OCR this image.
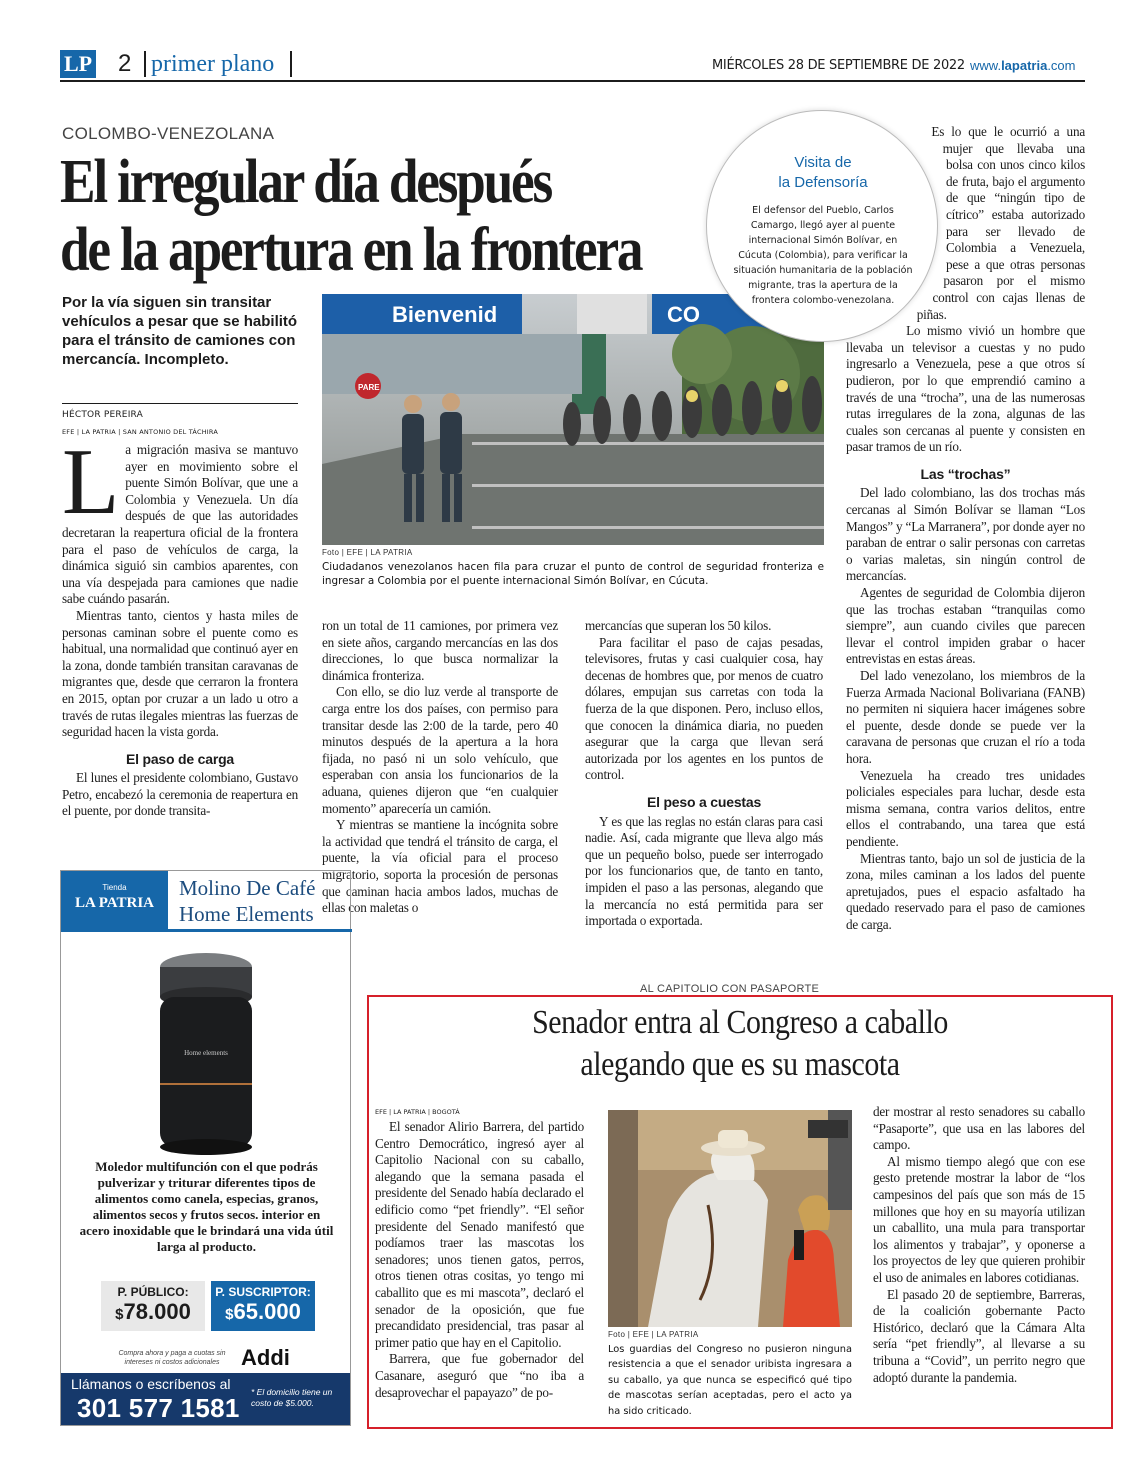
LP 2 primer plano	MIÉRCOLES 28 DE SEPTIEMBRE DE 2022 www.lapatria.com
COLOMBO-VENEZOLANA
El irregular día después
de la apertura en la frontera
Por la vía siguen sin transitar vehículos a pesar que se habilitó para el tránsito de camiones con mercancía. Incompleto.
HÉCTOR PEREIRA
EFE | LA PATRIA | SAN ANTONIO DEL TÁCHIRA
L a migración masiva se mantuvo ayer en movimiento sobre el puente Simón Bolívar, que une a Colombia y Venezuela. Un día después de que las autoridades decretaran la reapertura oficial de la frontera para el paso de vehículos de carga, la dinámica siguió sin cambios aparentes, con una vía despejada para camiones que nadie sabe cuándo pasarán.

Mientras tanto, cientos y hasta miles de personas caminan sobre el puente como es habitual, una normalidad que continuó ayer en la zona, donde también transitan caravanas de migrantes que, desde que cerraron la frontera en 2015, optan por cruzar a un lado u otro a través de rutas ilegales mientras las fuerzas de seguridad hacen la vista gorda.

El paso de carga

El lunes el presidente colombiano, Gustavo Petro, encabezó la ceremonia de reapertura en el puente, por donde transita-

Bienvenid	CO
PARE
Foto | EFE | LA PATRIA
Ciudadanos venezolanos hacen fila para cruzar el punto de control de seguridad fronteriza e ingresar a Colombia por el puente internacional Simón Bolívar, en Cúcuta.

ron un total de 11 camiones, por primera vez en siete años, cargando mercancías en las dos direcciones, lo que busca normalizar la dinámica fronteriza.

Con ello, se dio luz verde al transporte de carga entre los dos países, con permiso para transitar desde las 2:00 de la tarde, pero 40 minutos después de la apertura a la hora fijada, no pasó ni un solo vehículo, que esperaban con ansia los funcionarios de la aduana, quienes dijeron que “en cualquier momento” aparecería un camión.

Y mientras se mantiene la incógnita sobre la actividad que tendrá el tránsito de carga, el puente, la vía oficial para el proceso migratorio, soporta la procesión de personas que caminan hacia ambos lados, muchas de ellas con maletas o

mercancías que superan los 50 kilos.

Para facilitar el paso de cajas pesadas, televisores, frutas y casi cualquier cosa, hay decenas de hombres que, por menos de cuatro dólares, empujan sus carretas con toda la fuerza de la que disponen. Pero, incluso ellos, que conocen la dinámica diaria, no pueden asegurar que la carga que llevan será autorizada por los agentes en los puntos de control.

El peso a cuestas

Y es que las reglas no están claras para casi nadie. Así, cada migrante que lleva algo más que un pequeño bolso, puede ser interrogado por los funcionarios que, de tanto en tanto, impiden el paso a las personas, alegando que la mercancía no está permitida para ser importada o exportada.

Visita de
la Defensoría
El defensor del Pueblo, Carlos Camargo, llegó ayer al puente internacional Simón Bolívar, en Cúcuta (Colombia), para verificar la situación humanitaria de la población migrante, tras la apertura de la frontera colombo-venezolana.

Es lo que le ocurrió a una mujer que llevaba una bolsa con unos cinco kilos de fruta, bajo el argumento de que “ningún tipo de cítrico” estaba autorizado para ser llevado de Colombia a Venezuela, pese a que otras personas pasaron por el mismo control con cajas llenas de piñas.

Lo mismo vivió un hombre que llevaba un televisor a cuestas y no pudo ingresarlo a Venezuela, pese a que otros sí pudieron, por lo que emprendió camino a través de una “trocha”, una de las numerosas rutas irregulares de la zona, algunas de las cuales son cercanas al puente y consisten en pasar tramos de un río.

Las “trochas”

Del lado colombiano, las dos trochas más cercanas al Simón Bolívar se llaman “Los Mangos” y “La Marranera”, por donde ayer no paraban de entrar o salir personas con carretas o varias maletas, sin ningún control de mercancías.

Agentes de seguridad de Colombia dijeron que las trochas estaban “tranquilas como siempre”, aun cuando civiles que parecen llevar el control impiden grabar o hacer entrevistas en estas áreas.

Del lado venezolano, los miembros de la Fuerza Armada Nacional Bolivariana (FANB) no permiten ni siquiera hacer imágenes sobre el puente, desde donde se puede ver la caravana de personas que cruzan el río a toda hora.

Venezuela ha creado tres unidades policiales especiales para luchar, desde esta misma semana, contra varios delitos, entre ellos el contrabando, una tarea que está pendiente.

Mientras tanto, bajo un sol de justicia de la zona, miles caminan a los lados del puente apretujados, pues el espacio asfaltado ha quedado reservado para el paso de camiones de carga.

Tienda
LA PATRIA
Molino De Café
Home Elements
Home elements
Moledor multifunción con el que podrás pulverizar y triturar diferentes tipos de alimentos como canela, especias, granos, alimentos secos y frutos secos. interior en acero inoxidable que le brindará una vida útil larga al producto.
P. PÚBLICO:
$78.000
P. SUSCRIPTOR:
$65.000
Compra ahora y paga a cuotas sin intereses ni costos adicionales Addi
Llámanos o escríbenos al
301 577 1581
* El domicilio tiene un costo de $5.000.
AL CAPITOLIO CON PASAPORTE
Senador entra al Congreso a caballo
alegando que es su mascota
EFE | LA PATRIA | BOGOTÁ

El senador Alirio Barrera, del partido Centro Democrático, ingresó ayer al Capitolio Nacional con su caballo, alegando que la semana pasada el presidente del Senado había declarado el edificio como “pet friendly”. “El señor presidente del Senado manifestó que podíamos traer las mascotas los senadores; unos tienen gatos, perros, otros tienen otras cositas, yo tengo mi caballito que es mi mascota”, declaró el senador de la oposición, que fue precandidato presidencial, tras pasar al primer patio que hay en el Capitolio.

Barrera, que fue gobernador del Casanare, aseguró que “no iba a desaprovechar el papayazo” de po-

Foto | EFE | LA PATRIA
Los guardias del Congreso no pusieron ninguna resistencia a que el senador uribista ingresara a su caballo, ya que nunca se especificó qué tipo de mascotas serían aceptadas, pero el acto ya ha sido criticado.

der mostrar al resto senadores su caballo “Pasaporte”, que usa en las labores del campo.

Al mismo tiempo alegó que con ese gesto pretende mostrar la labor de “los campesinos del país que son más de 15 millones que hoy en su mayoría utilizan un caballito, una mula para transportar los alimentos y trabajar”, y oponerse a los proyectos de ley que quieren prohibir el uso de animales en labores cotidianas.

El pasado 20 de septiembre, Barreras, de la coalición gobernante Pacto Histórico, declaró que la Cámara Alta sería “pet friendly”, al llevarse a su tribuna a “Covid”, un perrito negro que adoptó durante la pandemia.
